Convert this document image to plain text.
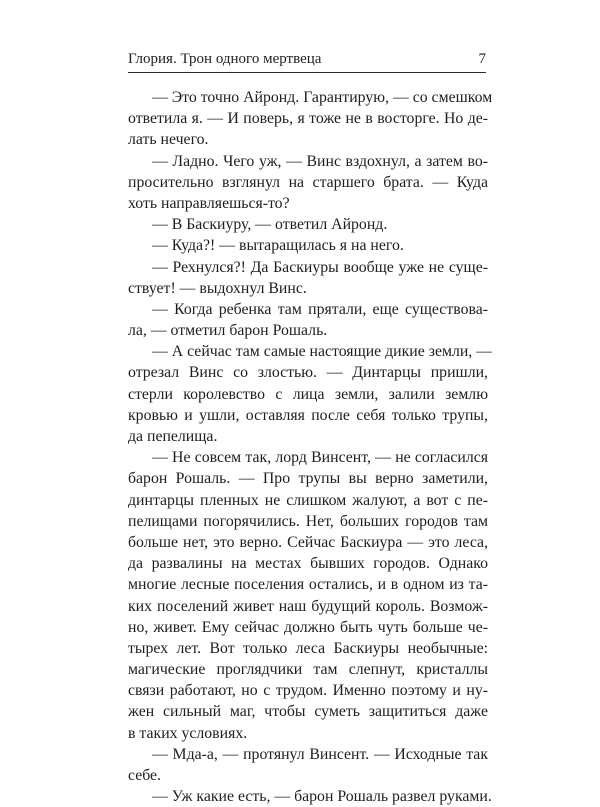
Глория. Трон одного мертвеца	7
— Это точно Айронд. Гарантирую, — со смешком
ответила я. — И поверь, я тоже не в восторге. Но де-
лать нечего.
— Ладно. Чего уж, — Винс вздохнул, а затем во-
просительно взглянул на старшего брата. — Куда
хоть направляешься-то?
— В Баскиуру, — ответил Айронд.
— Куда?! — вытаращилась я на него.
— Рехнулся?! Да Баскиуры вообще уже не суще-
ствует! — выдохнул Винс.
— Когда ребенка там прятали, еще существова-
ла, — отметил барон Рошаль.
— А сейчас там самые настоящие дикие земли, —
отрезал Винс со злостью. — Динтарцы пришли,
стерли королевство с лица земли, залили землю
кровью и ушли, оставляя после себя только трупы,
да пепелища.
— Не совсем так, лорд Винсент, — не согласился
барон Рошаль. — Про трупы вы верно заметили,
динтарцы пленных не слишком жалуют, а вот с пе-
пелищами погорячились. Нет, больших городов там
больше нет, это верно. Сейчас Баскиура — это леса,
да развалины на местах бывших городов. Однако
многие лесные поселения остались, и в одном из та-
ких поселений живет наш будущий король. Возмож-
но, живет. Ему сейчас должно быть чуть больше че-
тырех лет. Вот только леса Баскиуры необычные:
магические проглядчики там слепнут, кристаллы
связи работают, но с трудом. Именно поэтому и ну-
жен сильный маг, чтобы суметь защититься даже
в таких условиях.
— Мда-а, — протянул Винсент. — Исходные так
себе.
— Уж какие есть, — барон Рошаль развел руками.
